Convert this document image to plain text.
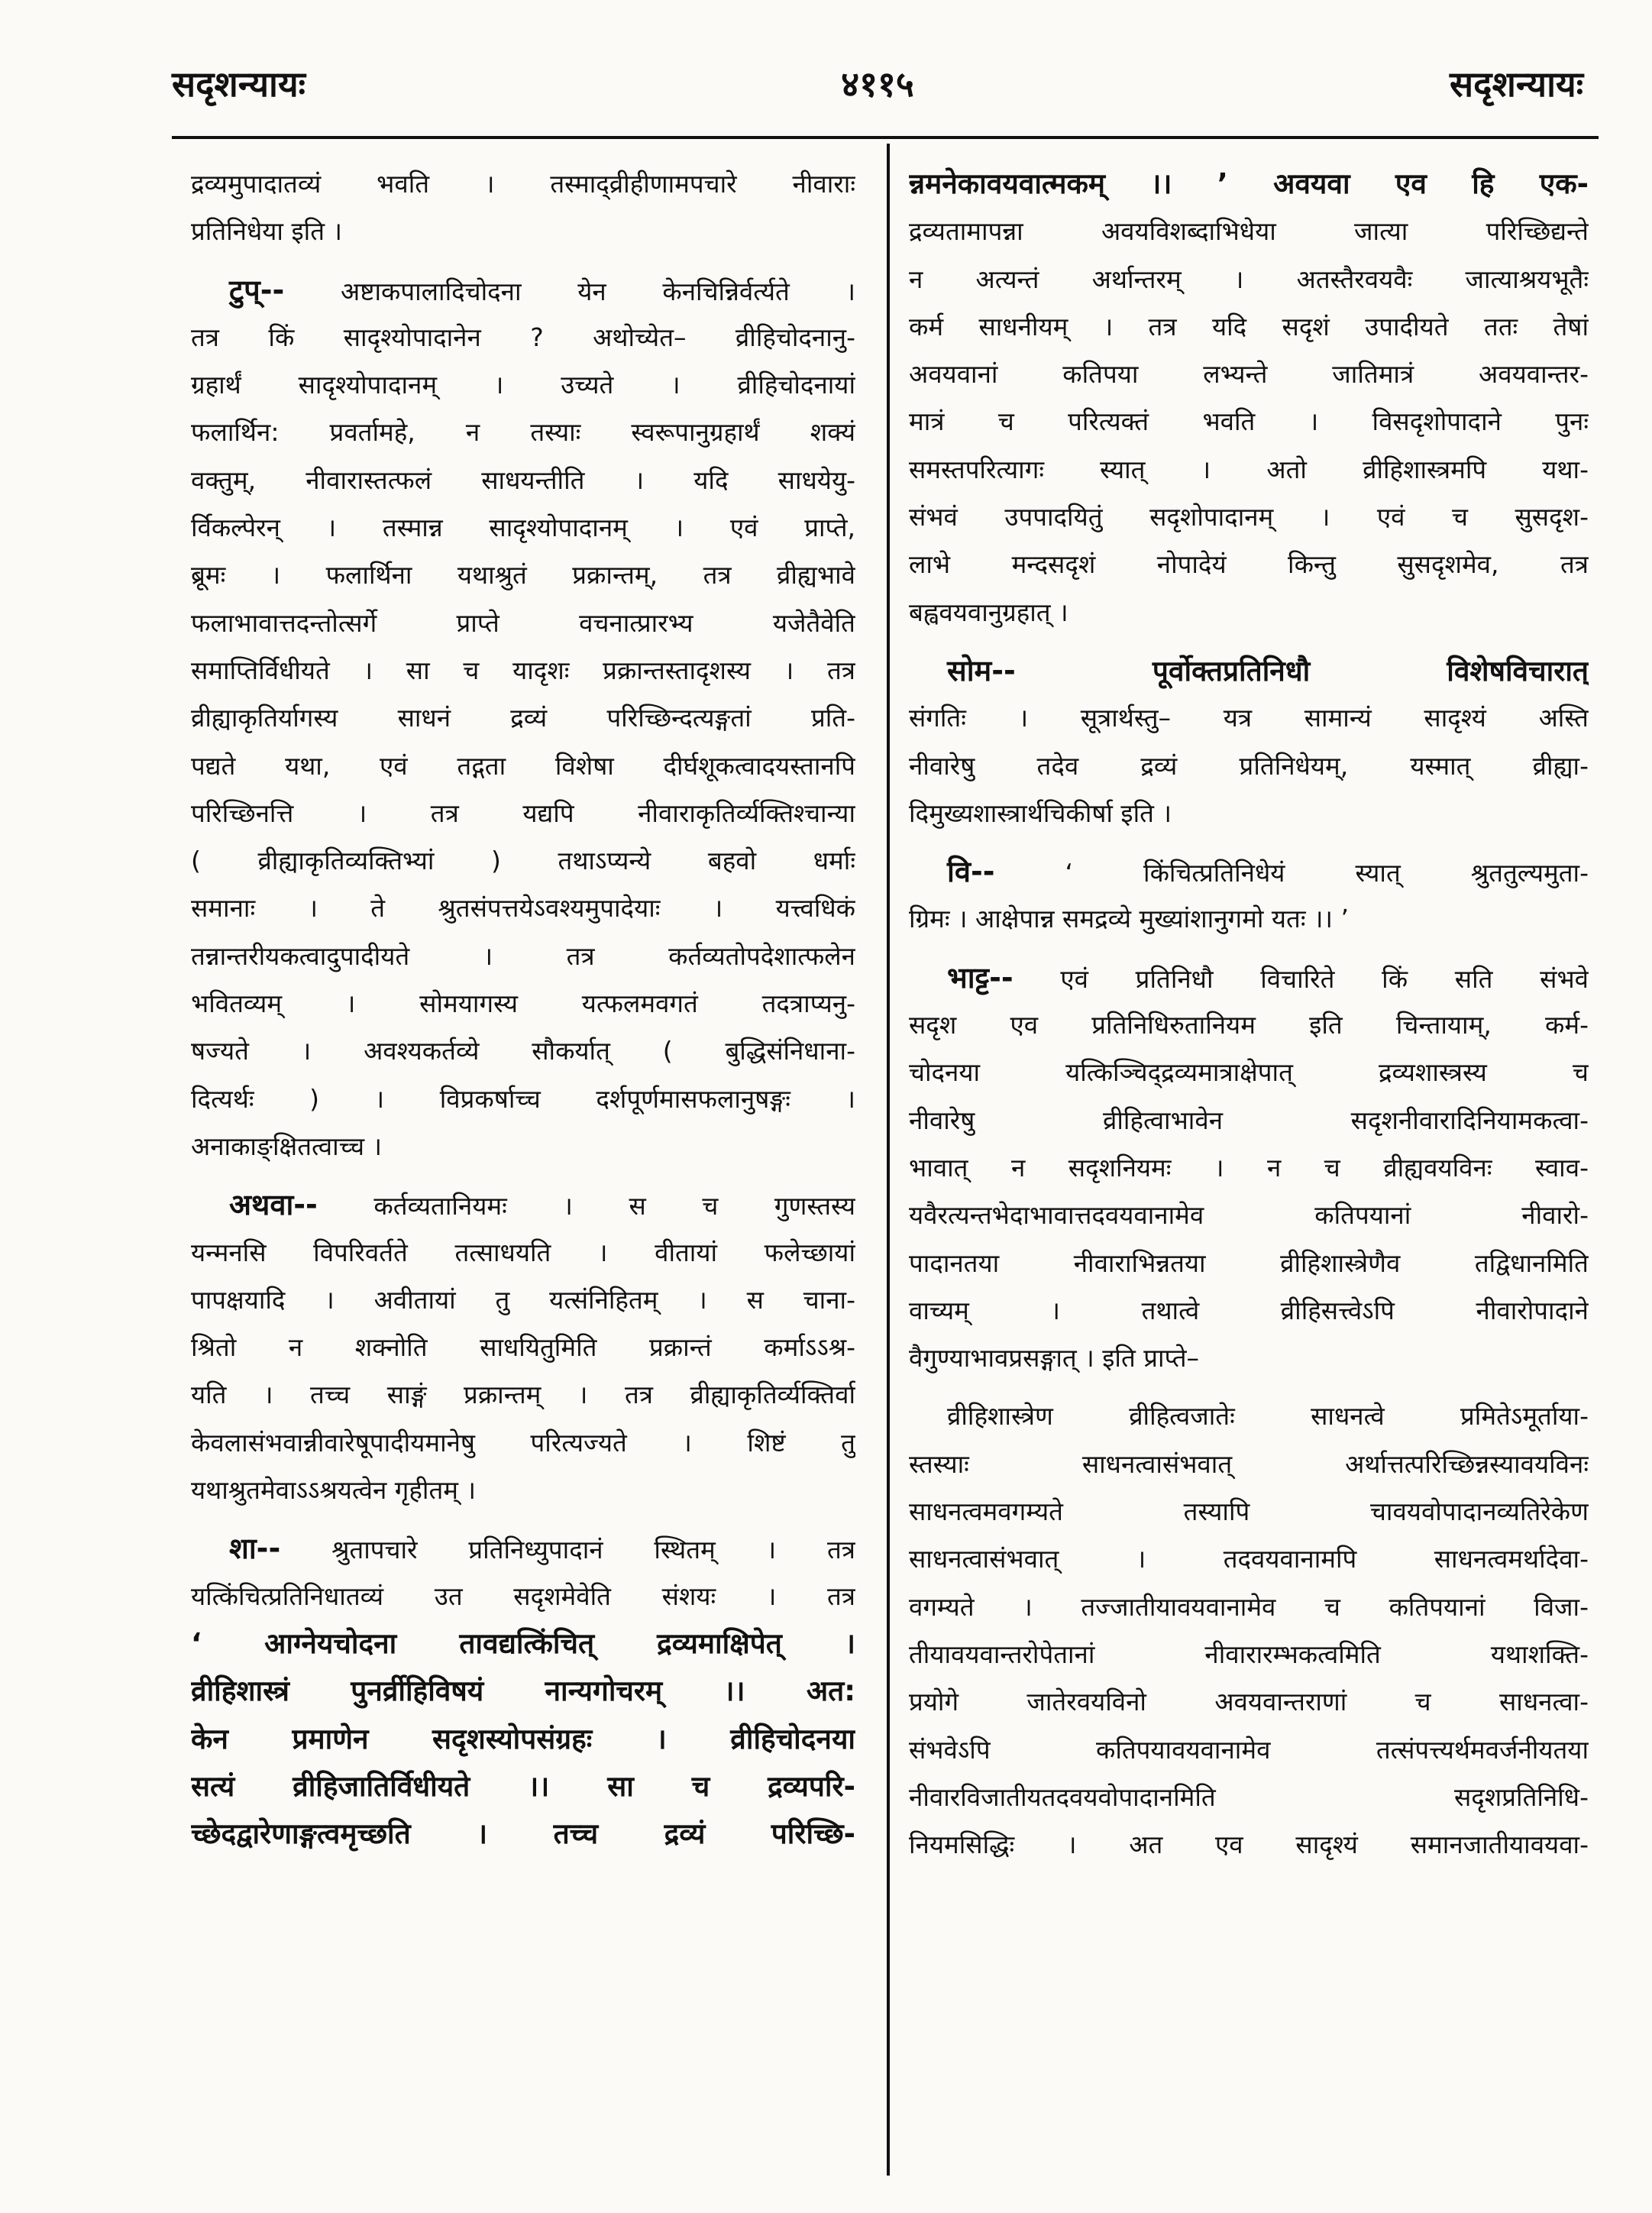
सदृशन्यायः	४११५	सदृशन्यायः
द्रव्यमुपादातव्यं भवति । तस्माद्व्रीहीणामपचारे नीवाराः
प्रतिनिधेया इति ।
टुप्-- अष्टाकपालादिचोदना येन केनचिन्निर्वर्त्यते ।
तत्र किं सादृश्योपादानेन ? अथोच्येत– व्रीहिचोदनानु-
ग्रहार्थं सादृश्योपादानम् । उच्यते । व्रीहिचोदनायां
फलार्थिन: प्रवर्तामहे, न तस्याः स्वरूपानुग्रहार्थं शक्यं
वक्तुम्, नीवारास्तत्फलं साधयन्तीति । यदि साधयेयु-
र्विकल्पेरन् । तस्मान्न सादृश्योपादानम् । एवं प्राप्ते,
ब्रूमः । फलार्थिना यथाश्रुतं प्रक्रान्तम्, तत्र व्रीह्यभावे
फलाभावात्तदन्तोत्सर्गे प्राप्ते वचनात्प्रारभ्य यजेतैवेति
समाप्तिर्विधीयते । सा च यादृशः प्रक्रान्तस्तादृशस्य । तत्र
व्रीह्याकृतिर्यागस्य साधनं द्रव्यं परिच्छिन्दत्यङ्गतां प्रति-
पद्यते यथा, एवं तद्गता विशेषा दीर्घशूकत्वादयस्तानपि
परिच्छिनत्ति । तत्र यद्यपि नीवाराकृतिर्व्यक्तिश्चान्या
( व्रीह्याकृतिव्यक्तिभ्यां ) तथाऽप्यन्ये बहवो धर्माः
समानाः । ते श्रुतसंपत्तयेऽवश्यमुपादेयाः । यत्त्वधिकं
तन्नान्तरीयकत्वादुपादीयते । तत्र कर्तव्यतोपदेशात्फलेन
भवितव्यम् । सोमयागस्य यत्फलमवगतं तदत्राप्यनु-
षज्यते । अवश्यकर्तव्ये सौकर्यात् ( बुद्धिसंनिधाना-
दित्यर्थः ) । विप्रकर्षाच्च दर्शपूर्णमासफलानुषङ्गः ।
अनाकाङ्क्षितत्वाच्च ।
अथवा-- कर्तव्यतानियमः । स च गुणस्तस्य
यन्मनसि विपरिवर्तते तत्साधयति । वीतायां फलेच्छायां
पापक्षयादि । अवीतायां तु यत्संनिहितम् । स चाना-
श्रितो न शक्नोति साधयितुमिति प्रक्रान्तं कर्माऽऽश्र-
यति । तच्च साङ्गं प्रक्रान्तम् । तत्र व्रीह्याकृतिर्व्यक्तिर्वा
केवलासंभवान्नीवारेषूपादीयमानेषु परित्यज्यते । शिष्टं तु
यथाश्रुतमेवाऽऽश्रयत्वेन गृहीतम् ।
शा-- श्रुतापचारे प्रतिनिध्युपादानं स्थितम् । तत्र
यत्किंचित्प्रतिनिधातव्यं उत सदृशमेवेति संशयः । तत्र
‘ आग्नेयचोदना तावद्यत्किंचित् द्रव्यमाक्षिपेत् ।
व्रीहिशास्त्रं पुनर्व्रीहिविषयं नान्यगोचरम् ।। अत:
केन प्रमाणेन सदृशस्योपसंग्रहः । व्रीहिचोदनया
सत्यं व्रीहिजातिर्विधीयते ।। सा च द्रव्यपरि-
च्छेदद्वारेणाङ्गत्वमृच्छति । तच्च द्रव्यं परिच्छि-
न्नमनेकावयवात्मकम् ।। ’ अवयवा एव हि एक-
द्रव्यतामापन्ना अवयविशब्दाभिधेया जात्या परिच्छिद्यन्ते
न अत्यन्तं अर्थान्तरम् । अतस्तैरवयवैः जात्याश्रयभूतैः
कर्म साधनीयम् । तत्र यदि सदृशं उपादीयते ततः तेषां
अवयवानां कतिपया लभ्यन्ते जातिमात्रं अवयवान्तर-
मात्रं च परित्यक्तं भवति । विसदृशोपादाने पुनः
समस्तपरित्यागः स्यात् । अतो व्रीहिशास्त्रमपि यथा-
संभवं उपपादयितुं सदृशोपादानम् । एवं च सुसदृश-
लाभे मन्दसदृशं नोपादेयं किन्तु सुसदृशमेव, तत्र
बह्ववयवानुग्रहात् ।
सोम-- पूर्वोक्तप्रतिनिधौ विशेषविचारात्
संगतिः । सूत्रार्थस्तु– यत्र सामान्यं सादृश्यं अस्ति
नीवारेषु तदेव द्रव्यं प्रतिनिधेयम्, यस्मात् व्रीह्या-
दिमुख्यशास्त्रार्थचिकीर्षा इति ।
वि-- ‘ किंचित्प्रतिनिधेयं स्यात् श्रुततुल्यमुता-
ग्रिमः । आक्षेपान्न समद्रव्ये मुख्यांशानुगमो यतः ।। ’
भाट्ट-- एवं प्रतिनिधौ विचारिते किं सति संभवे
सदृश एव प्रतिनिधिरुतानियम इति चिन्तायाम्, कर्म-
चोदनया यत्किञ्चिद्द्रव्यमात्राक्षेपात् द्रव्यशास्त्रस्य च
नीवारेषु व्रीहित्वाभावेन सदृशनीवारादिनियामकत्वा-
भावात् न सदृशनियमः । न च व्रीह्यवयविनः स्वाव-
यवैरत्यन्तभेदाभावात्तदवयवानामेव कतिपयानां नीवारो-
पादानतया नीवाराभिन्नतया व्रीहिशास्त्रेणैव तद्विधानमिति
वाच्यम् । तथात्वे व्रीहिसत्त्वेऽपि नीवारोपादाने
वैगुण्याभावप्रसङ्गात् । इति प्राप्ते–
व्रीहिशास्त्रेण व्रीहित्वजातेः साधनत्वे प्रमितेऽमूर्ताया-
स्तस्याः साधनत्वासंभवात् अर्थात्तत्परिच्छिन्नस्यावयविनः
साधनत्वमवगम्यते तस्यापि चावयवोपादानव्यतिरेकेण
साधनत्वासंभवात् । तदवयवानामपि साधनत्वमर्थादेवा-
वगम्यते । तज्जातीयावयवानामेव च कतिपयानां विजा-
तीयावयवान्तरोपेतानां नीवारारम्भकत्वमिति यथाशक्ति-
प्रयोगे जातेरवयविनो अवयवान्तराणां च साधनत्वा-
संभवेऽपि कतिपयावयवानामेव तत्संपत्त्यर्थमवर्जनीयतया
नीवारविजातीयतदवयवोपादानमिति सदृशप्रतिनिधि-
नियमसिद्धिः । अत एव सादृश्यं समानजातीयावयवा-
